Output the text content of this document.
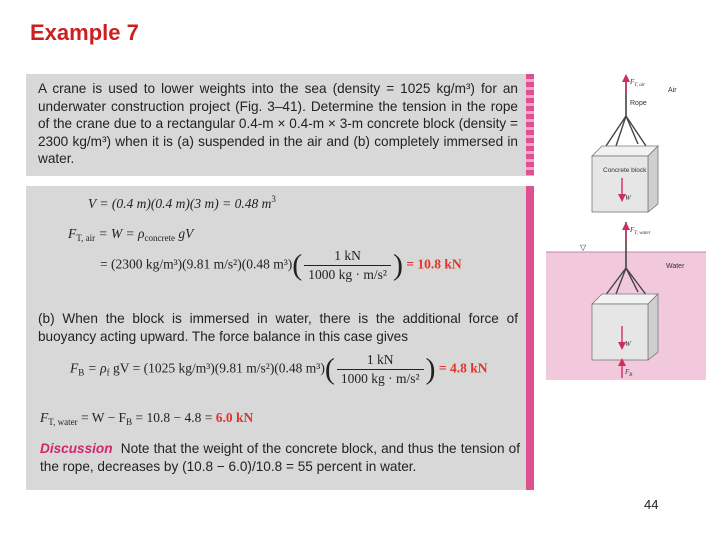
Example 7
A crane is used to lower weights into the sea (density = 1025 kg/m³) for an underwater construction project (Fig. 3–41). Determine the tension in the rope of the crane due to a rectangular 0.4-m × 0.4-m × 3-m concrete block (density = 2300 kg/m³) when it is (a) suspended in the air and (b) completely immersed in water.
V = (0.4 m)(0.4 m)(3 m) = 0.48 $m^3$
$F_{T, air} = W = \rho_{concrete}$ gV
= (2300 kg/m³)(9.81 m/s²)(0.48 $m^3)( \frac{1 kN}{\text{1000 kg · m/s²}}$ ) = 10.8 kN
(b) When the block is immersed in water, there is the additional force of buoyancy acting upward. The force balance in this case gives
$F_B = \rho_f$ gV = (1025 kg/m³)(9.81 m/s²)(0.48 $m^3)( \frac{1 kN}{\text{1000 kg · m/s²}}$ ) = 4.8 kN
$F_{T, water} = W - F_B = 10.8 - 4.8 = 6.0$ kN
Discussion Note that the weight of the concrete block, and thus the tension of the rope, decreases by (10.8 − 6.0)/10.8 = 55 percent in water.
$F_{T, air}$
Air
Rope
Concrete block
W
Water
$F_{T, water}$
▽
W
$F_B$
44
